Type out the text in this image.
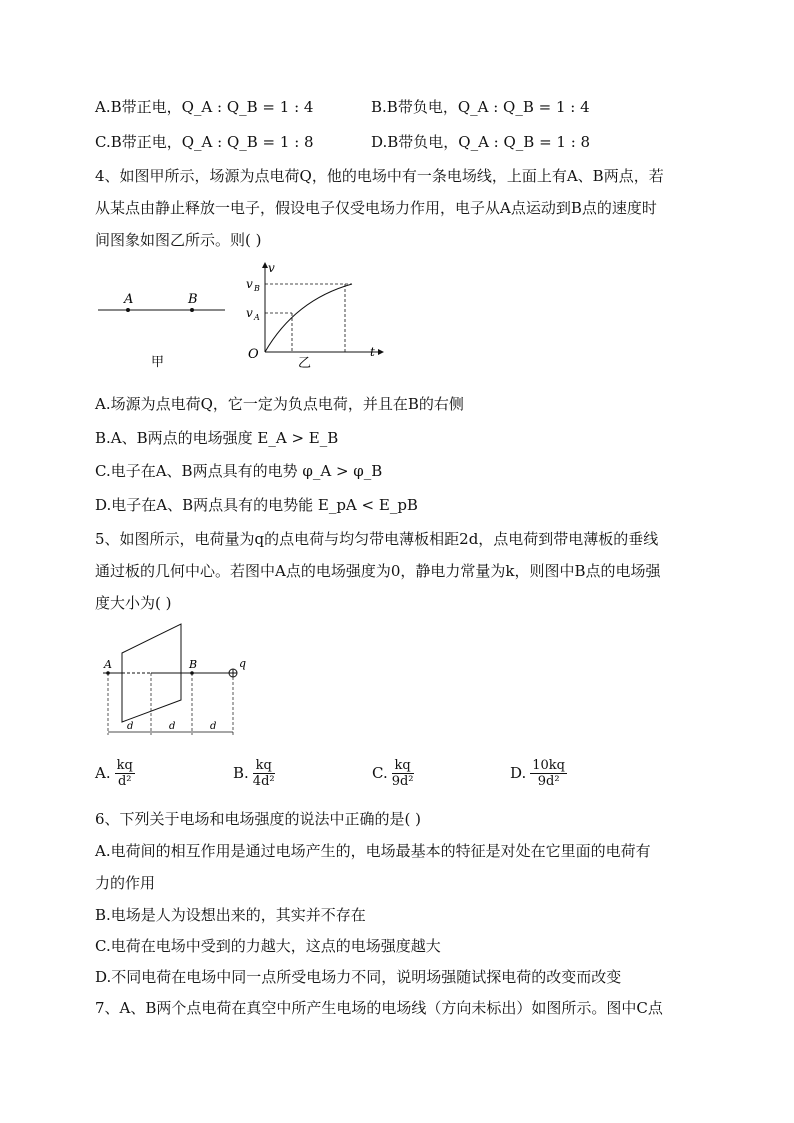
A.B带正电，Q_A : Q_B = 1 : 4	B.B带负电，Q_A : Q_B = 1 : 4
C.B带正电，Q_A : Q_B = 1 : 8	D.B带负电，Q_A : Q_B = 1 : 8
4、如图甲所示，场源为点电荷Q，他的电场中有一条电场线，上面上有A、B两点，若
从某点由静止释放一电子，假设电子仅受电场力作用，电子从A点运动到B点的速度时
间图象如图乙所示。则( )
A	B
甲
v
v B
v A
O	t
乙
A.场源为点电荷Q，它一定为负点电荷，并且在B的右侧
B.A、B两点的电场强度 E_A > E_B
C.电子在A、B两点具有的电势 φ_A > φ_B
D.电子在A、B两点具有的电势能 E_pA < E_pB
5、如图所示，电荷量为q的点电荷与均匀带电薄板相距2d，点电荷到带电薄板的垂线
通过板的几何中心。若图中A点的电场强度为0，静电力常量为k，则图中B点的电场强
度大小为( )
A	B	q
d	d	d
A. $\frac{kq}{\text{d²}}$	B. $\frac{kq}{\text{4d²}}$	C. $\frac{kq}{\text{9d²}}$	D. $\frac{10kq}{\text{9d²}}$
6、下列关于电场和电场强度的说法中正确的是( )
A.电荷间的相互作用是通过电场产生的，电场最基本的特征是对处在它里面的电荷有
力的作用
B.电场是人为设想出来的，其实并不存在
C.电荷在电场中受到的力越大，这点的电场强度越大
D.不同电荷在电场中同一点所受电场力不同，说明场强随试探电荷的改变而改变
7、A、B两个点电荷在真空中所产生电场的电场线（方向未标出）如图所示。图中C点
